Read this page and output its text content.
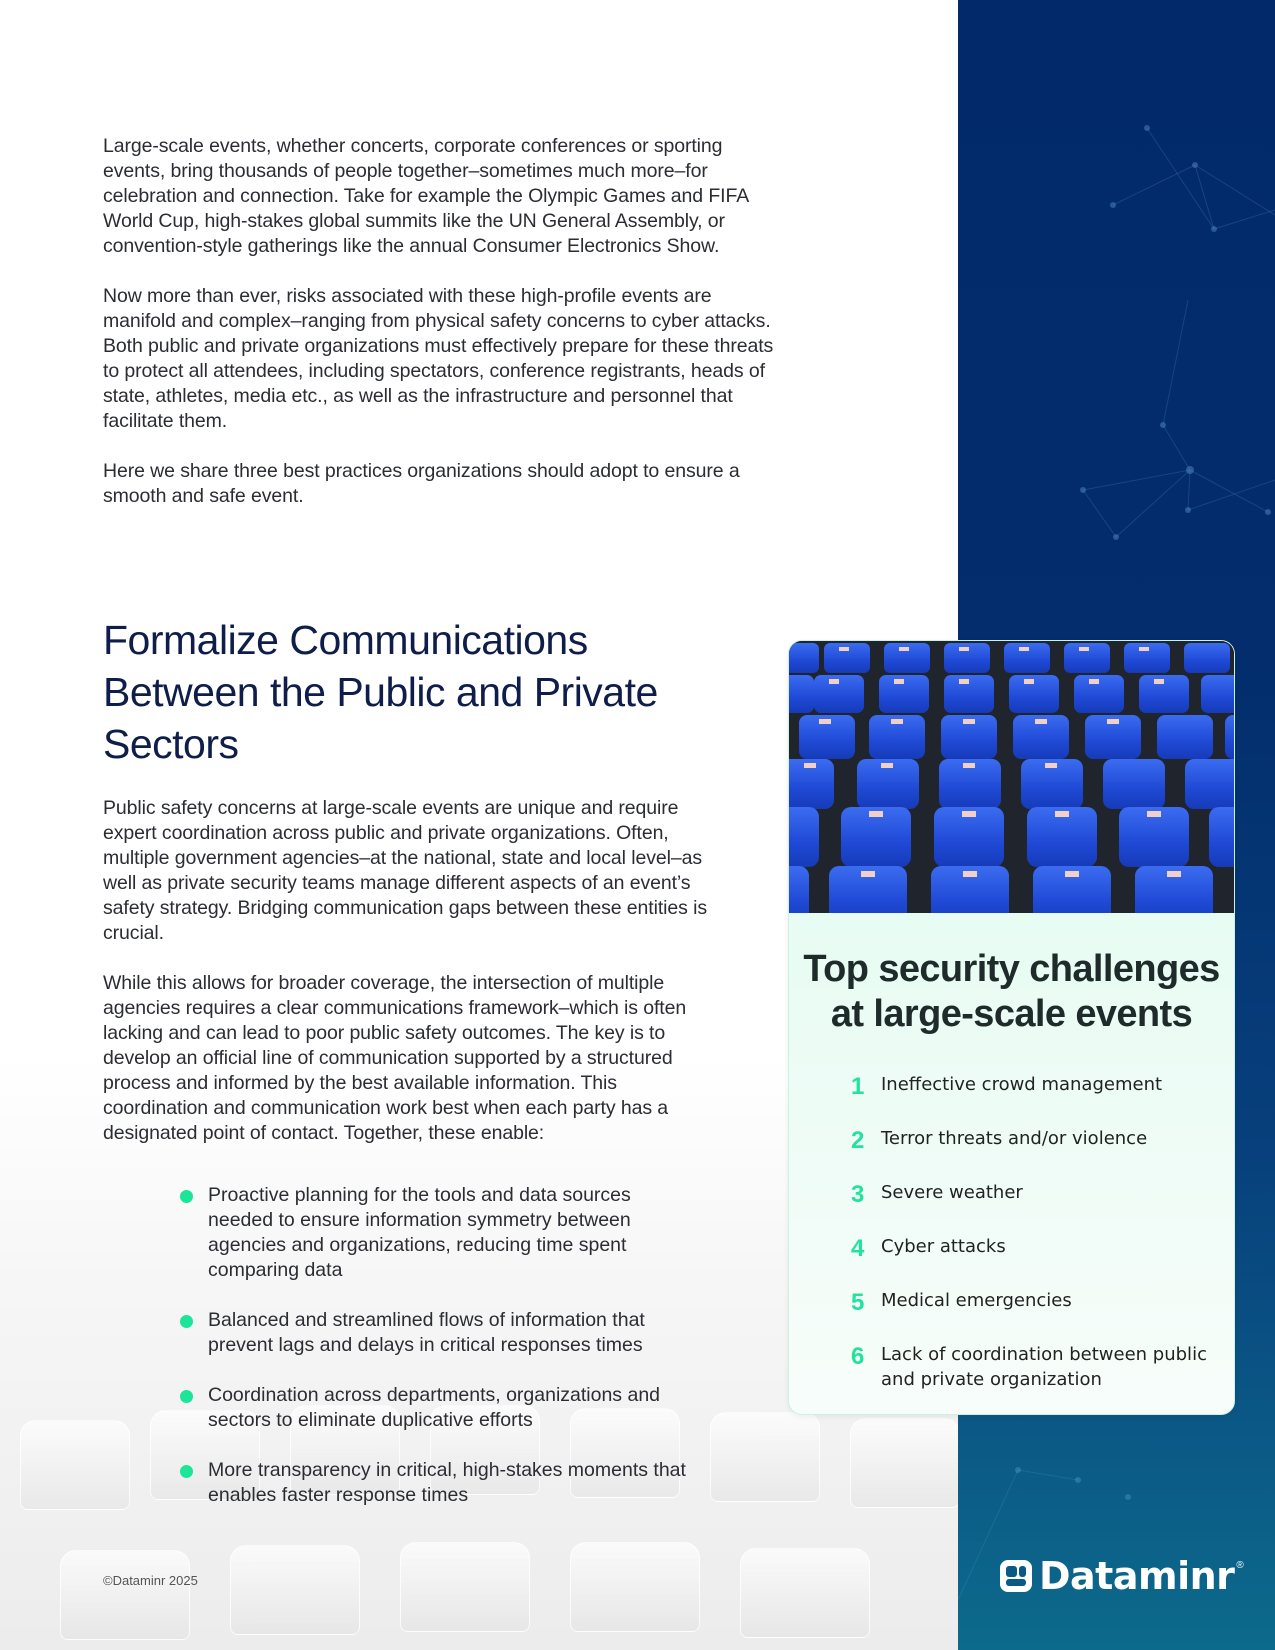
Large-scale events, whether concerts, corporate conferences or sporting events, bring thousands of people together–sometimes much more–for celebration and connection. Take for example the Olympic Games and FIFA World Cup, high-stakes global summits like the UN General Assembly, or convention-style gatherings like the annual Consumer Electronics Show.

Now more than ever, risks associated with these high-profile events are manifold and complex–ranging from physical safety concerns to cyber attacks. Both public and private organizations must effectively prepare for these threats to protect all attendees, including spectators, conference registrants, heads of state, athletes, media etc., as well as the infrastructure and personnel that facilitate them.

Here we share three best practices organizations should adopt to ensure a smooth and safe event.

Formalize Communications Between the Public and Private Sectors

Public safety concerns at large-scale events are unique and require expert coordination across public and private organizations. Often, multiple government agencies–at the national, state and local level–as well as private security teams manage different aspects of an event’s safety strategy. Bridging communication gaps between these entities is crucial.

While this allows for broader coverage, the intersection of multiple agencies requires a clear communications framework–which is often lacking and can lead to poor public safety outcomes. The key is to develop an official line of communication supported by a structured process and informed by the best available information. This coordination and communication work best when each party has a designated point of contact. Together, these enable:

Proactive planning for the tools and data sources needed to ensure information symmetry between agencies and organizations, reducing time spent comparing data
Balanced and streamlined flows of information that prevent lags and delays in critical responses times
Coordination across departments, organizations and sectors to eliminate duplicative efforts
More transparency in critical, high-stakes moments that enables faster response times
Top security challenges at large-scale events
1 Ineffective crowd management
2 Terror threats and/or violence
3 Severe weather
4 Cyber attacks
5 Medical emergencies
6 Lack of coordination between public and private organization
©Dataminr 2025	Dataminr ®
